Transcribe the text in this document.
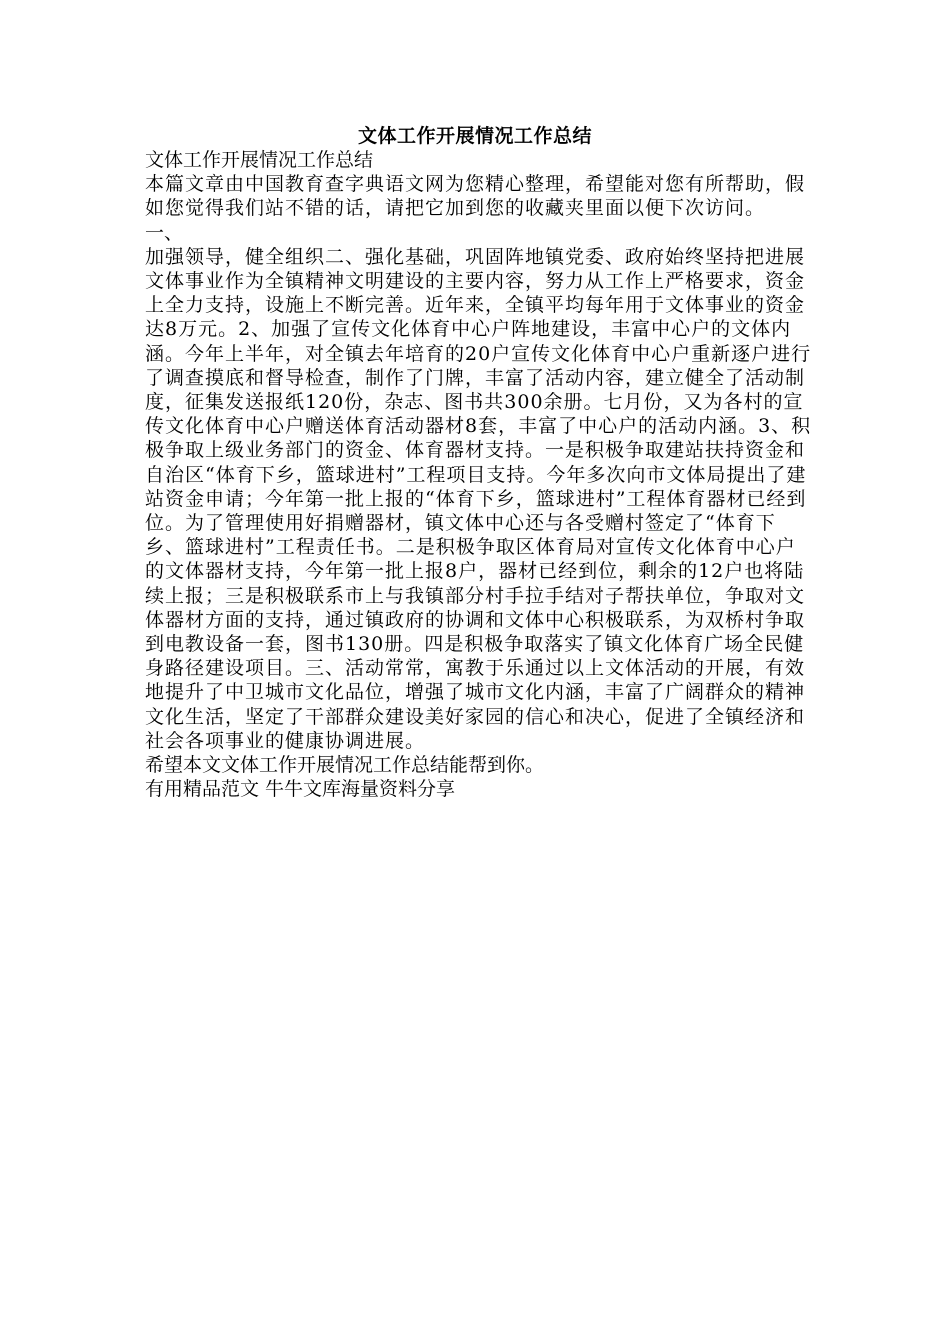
文体工作开展情况工作总结

文体工作开展情况工作总结

本篇文章由中国教育查字典语文网为您精心整理，希望能对您有所帮助，假如您觉得我们站不错的话，请把它加到您的收藏夹里面以便下次访问。

一、

加强领导，健全组织二、强化基础，巩固阵地镇党委、政府始终坚持把进展文体事业作为全镇精神文明建设的主要内容，努力从工作上严格要求，资金上全力支持，设施上不断完善。近年来，全镇平均每年用于文体事业的资金达8万元。2、加强了宣传文化体育中心户阵地建设，丰富中心户的文体内涵。今年上半年，对全镇去年培育的20户宣传文化体育中心户重新逐户进行了调查摸底和督导检查，制作了门牌，丰富了活动内容，建立健全了活动制度，征集发送报纸120份，杂志、图书共300余册。七月份，又为各村的宣传文化体育中心户赠送体育活动器材8套，丰富了中心户的活动内涵。3、积极争取上级业务部门的资金、体育器材支持。一是积极争取建站扶持资金和自治区“体育下乡，篮球进村”工程项目支持。今年多次向市文体局提出了建站资金申请；今年第一批上报的“体育下乡，篮球进村”工程体育器材已经到位。为了管理使用好捐赠器材，镇文体中心还与各受赠村签定了“体育下乡、篮球进村”工程责任书。二是积极争取区体育局对宣传文化体育中心户的文体器材支持，今年第一批上报8户，器材已经到位，剩余的12户也将陆续上报；三是积极联系市上与我镇部分村手拉手结对子帮扶单位，争取对文体器材方面的支持，通过镇政府的协调和文体中心积极联系，为双桥村争取到电教设备一套，图书130册。四是积极争取落实了镇文化体育广场全民健身路径建设项目。三、活动常常，寓教于乐通过以上文体活动的开展，有效地提升了中卫城市文化品位，增强了城市文化内涵，丰富了广阔群众的精神文化生活，坚定了干部群众建设美好家园的信心和决心，促进了全镇经济和社会各项事业的健康协调进展。

希望本文文体工作开展情况工作总结能帮到你。

有用精品范文 牛牛文库海量资料分享
